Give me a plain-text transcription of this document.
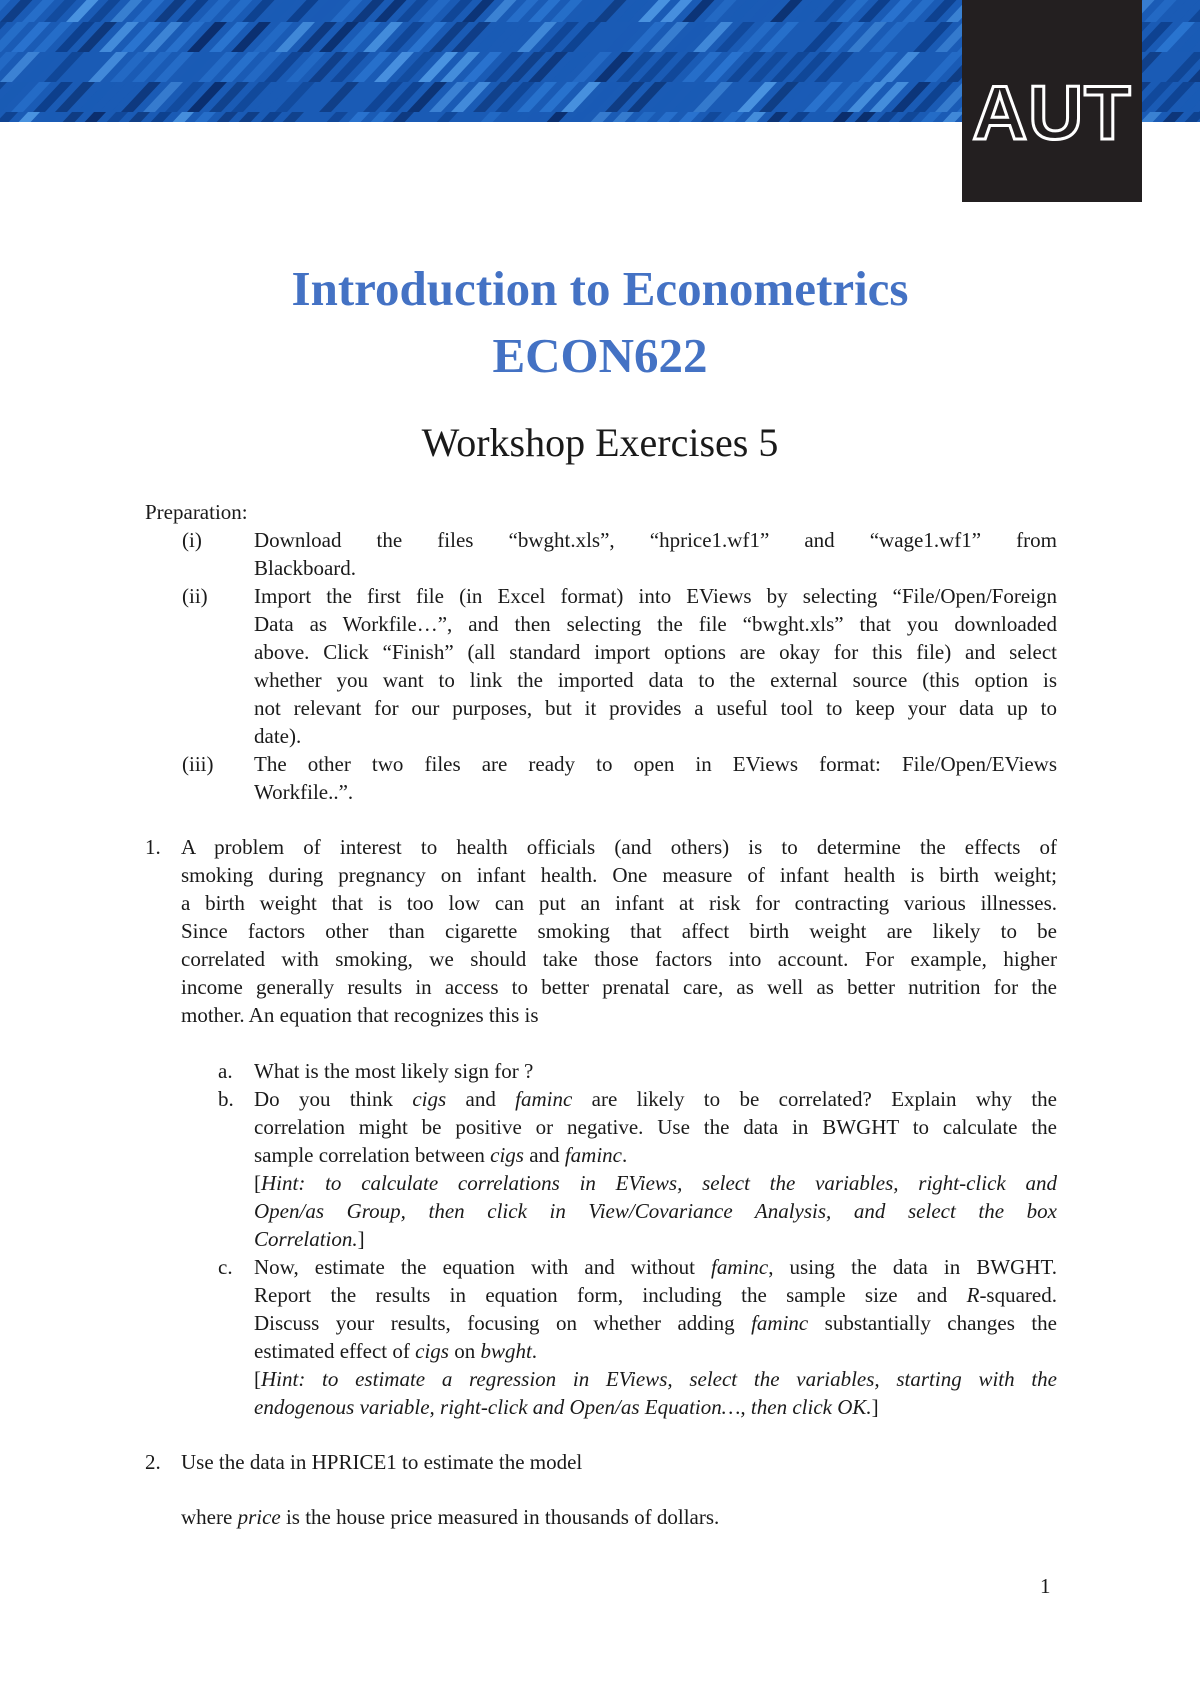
AUT
Introduction to Econometrics
ECON622
Workshop Exercises 5
Preparation:
(i) Download the files “bwght.xls”, “hprice1.wf1” and “wage1.wf1” from
Blackboard.
(ii) Import the first file (in Excel format) into EViews by selecting “File/Open/Foreign
Data as Workfile…”, and then selecting the file “bwght.xls” that you downloaded
above. Click “Finish” (all standard import options are okay for this file) and select
whether you want to link the imported data to the external source (this option is
not relevant for our purposes, but it provides a useful tool to keep your data up to
date).
(iii) The other two files are ready to open in EViews format: File/Open/EViews
Workfile..”.
1. A problem of interest to health officials (and others) is to determine the effects of
smoking during pregnancy on infant health. One measure of infant health is birth weight;
a birth weight that is too low can put an infant at risk for contracting various illnesses.
Since factors other than cigarette smoking that affect birth weight are likely to be
correlated with smoking, we should take those factors into account. For example, higher
income generally results in access to better prenatal care, as well as better nutrition for the
mother. An equation that recognizes this is
a. What is the most likely sign for ?
b. Do you think cigs and faminc are likely to be correlated? Explain why the
correlation might be positive or negative. Use the data in BWGHT to calculate the
sample correlation between cigs and faminc.
[Hint: to calculate correlations in EViews, select the variables, right-click and
Open/as Group, then click in View/Covariance Analysis, and select the box
Correlation.]
c. Now, estimate the equation with and without faminc, using the data in BWGHT.
Report the results in equation form, including the sample size and R-squared.
Discuss your results, focusing on whether adding faminc substantially changes the
estimated effect of cigs on bwght.
[Hint: to estimate a regression in EViews, select the variables, starting with the
endogenous variable, right-click and Open/as Equation…, then click OK.]
2. Use the data in HPRICE1 to estimate the model
where price is the house price measured in thousands of dollars.
1
